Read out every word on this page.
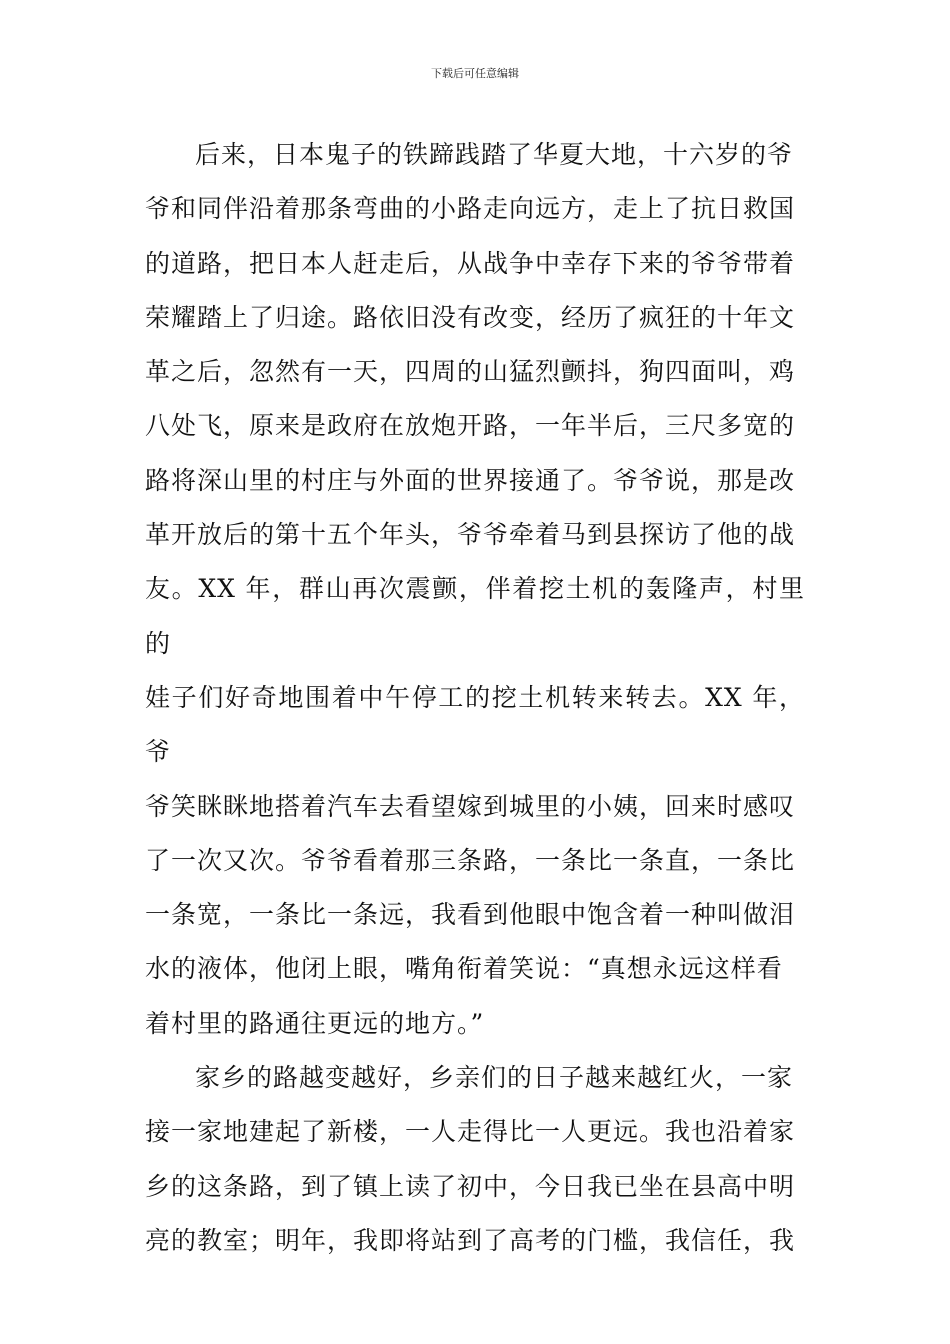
下载后可任意编辑

后来，日本鬼子的铁蹄践踏了华夏大地，十六岁的爷
爷和同伴沿着那条弯曲的小路走向远方，走上了抗日救国
的道路，把日本人赶走后，从战争中幸存下来的爷爷带着
荣耀踏上了归途。路依旧没有改变，经历了疯狂的十年文
革之后，忽然有一天，四周的山猛烈颤抖，狗四面叫，鸡
八处飞，原来是政府在放炮开路，一年半后，三尺多宽的
路将深山里的村庄与外面的世界接通了。爷爷说，那是改
革开放后的第十五个年头，爷爷牵着马到县探访了他的战
友。XX 年，群山再次震颤，伴着挖土机的轰隆声，村里的
娃子们好奇地围着中午停工的挖土机转来转去。XX 年，爷
爷笑眯眯地搭着汽车去看望嫁到城里的小姨，回来时感叹
了一次又次。爷爷看着那三条路，一条比一条直，一条比
一条宽，一条比一条远，我看到他眼中饱含着一种叫做泪
水的液体，他闭上眼，嘴角衔着笑说：“真想永远这样看
着村里的路通往更远的地方。”

家乡的路越变越好，乡亲们的日子越来越红火，一家
接一家地建起了新楼，一人走得比一人更远。我也沿着家
乡的这条路，到了镇上读了初中，今日我已坐在县高中明
亮的教室；明年，我即将站到了高考的门槛，我信任，我
